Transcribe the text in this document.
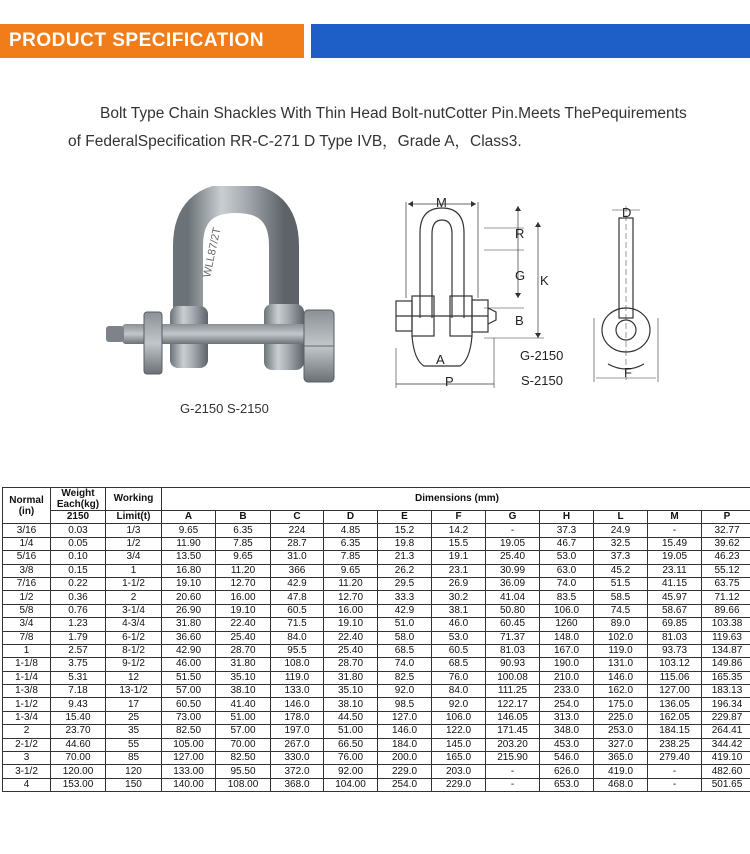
PRODUCT SPECIFICATION
Bolt Type Chain Shackles With Thin Head Bolt-nutCotter Pin.Meets ThePequirements
of FederalSpecification RR-C-271 D Type IVB，Grade A，Class3.
WLL87/2T
G-2150 S-2150
M
R
G K
B
A
P
D
F
G-2150
S-2150
Normal (in)	Weight Each(kg)	Working	Dimensions (mm)										
	2150	Limit(t)	A	B	C	D	E	F	G	H	L	M	P
3/16	0.03	1/3	9.65	6.35	224	4.85	15.2	14.2	-	37.3	24.9	-	32.77
1/4	0.05	1/2	11.90	7.85	28.7	6.35	19.8	15.5	19.05	46.7	32.5	15.49	39.62
5/16	0.10	3/4	13.50	9.65	31.0	7.85	21.3	19.1	25.40	53.0	37.3	19.05	46.23
3/8	0.15	1	16.80	11.20	366	9.65	26.2	23.1	30.99	63.0	45.2	23.11	55.12
7/16	0.22	1-1/2	19.10	12.70	42.9	11.20	29.5	26.9	36.09	74.0	51.5	41.15	63.75
1/2	0.36	2	20.60	16.00	47.8	12.70	33.3	30.2	41.04	83.5	58.5	45.97	71.12
5/8	0.76	3-1/4	26.90	19.10	60.5	16.00	42.9	38.1	50.80	106.0	74.5	58.67	89.66
3/4	1.23	4-3/4	31.80	22.40	71.5	19.10	51.0	46.0	60.45	1260	89.0	69.85	103.38
7/8	1.79	6-1/2	36.60	25.40	84.0	22.40	58.0	53.0	71.37	148.0	102.0	81.03	119.63
1	2.57	8-1/2	42.90	28.70	95.5	25.40	68.5	60.5	81.03	167.0	119.0	93.73	134.87
1-1/8	3.75	9-1/2	46.00	31.80	108.0	28.70	74.0	68.5	90.93	190.0	131.0	103.12	149.86
1-1/4	5.31	12	51.50	35.10	119.0	31.80	82.5	76.0	100.08	210.0	146.0	115.06	165.35
1-3/8	7.18	13-1/2	57.00	38.10	133.0	35.10	92.0	84.0	111.25	233.0	162.0	127.00	183.13
1-1/2	9.43	17	60.50	41.40	146.0	38.10	98.5	92.0	122.17	254.0	175.0	136.05	196.34
1-3/4	15.40	25	73.00	51.00	178.0	44.50	127.0	106.0	146.05	313.0	225.0	162.05	229.87
2	23.70	35	82.50	57.00	197.0	51.00	146.0	122.0	171.45	348.0	253.0	184.15	264.41
2-1/2	44.60	55	105.00	70.00	267.0	66.50	184.0	145.0	203.20	453.0	327.0	238.25	344.42
3	70.00	85	127.00	82.50	330.0	76.00	200.0	165.0	215.90	546.0	365.0	279.40	419.10
3-1/2	120.00	120	133.00	95.50	372.0	92.00	229.0	203.0	-	626.0	419.0	-	482.60
4	153.00	150	140.00	108.00	368.0	104.00	254.0	229.0	-	653.0	468.0	-	501.65
